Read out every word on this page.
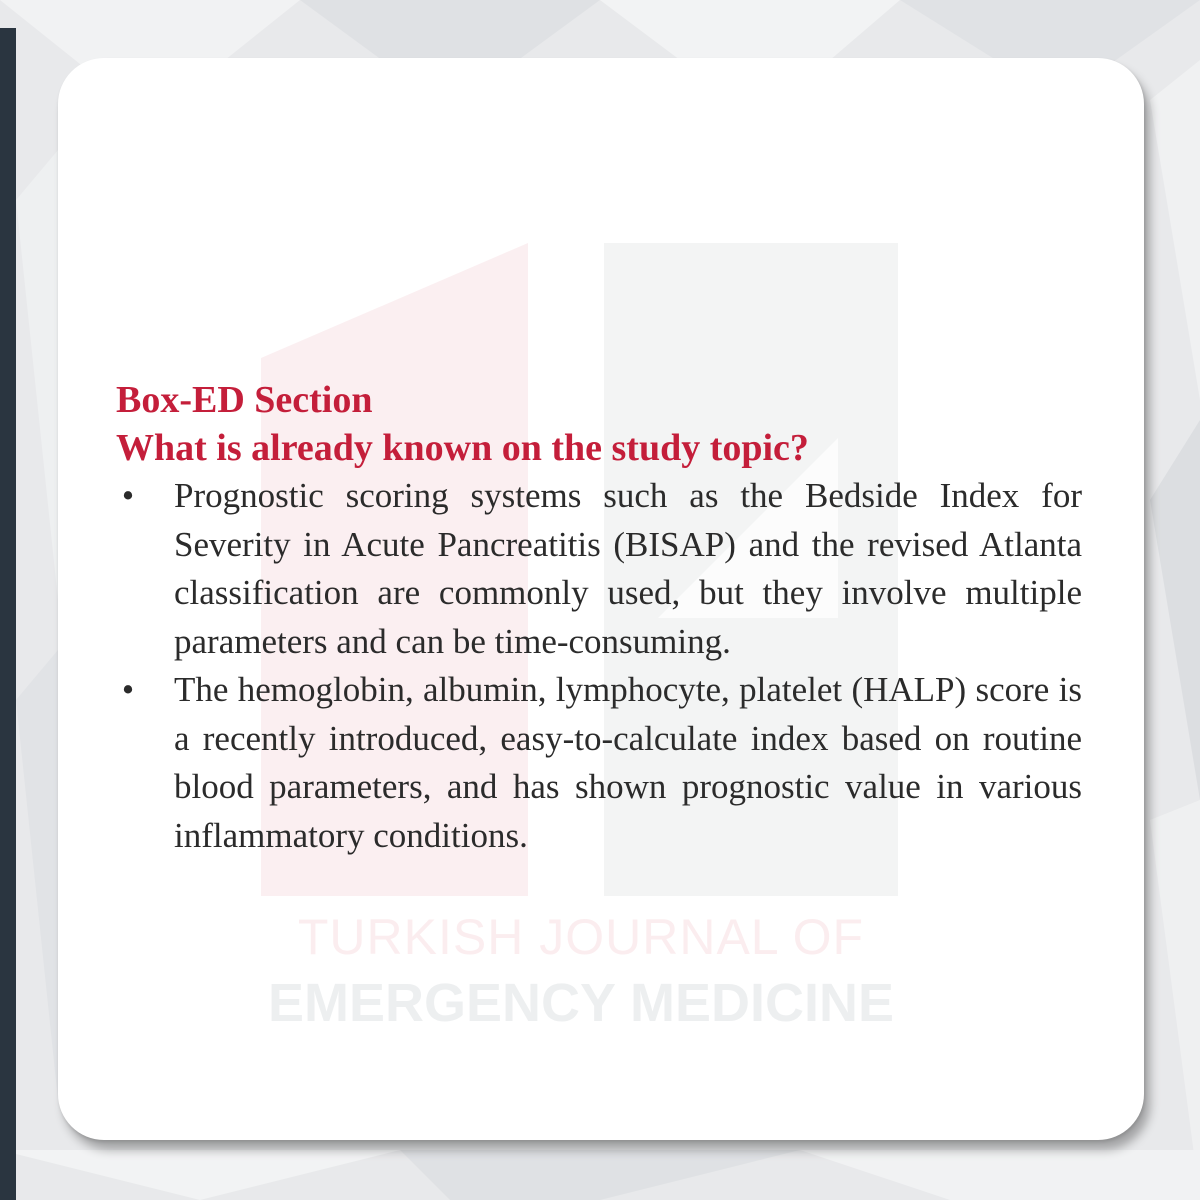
TURKISH JOURNAL OF
EMERGENCY MEDICINE
Box-ED Section
What is already known on the study topic?
• Prognostic scoring systems such as the Bedside Index for Severity in Acute Pancreatitis (BISAP) and the revised Atlanta classification are commonly used, but they involve multiple parameters and can be time-consuming.
• The hemoglobin, albumin, lymphocyte, platelet (HALP) score is a recently introduced, easy-to-calculate index based on routine blood parameters, and has shown prognostic value in various inflammatory conditions.
